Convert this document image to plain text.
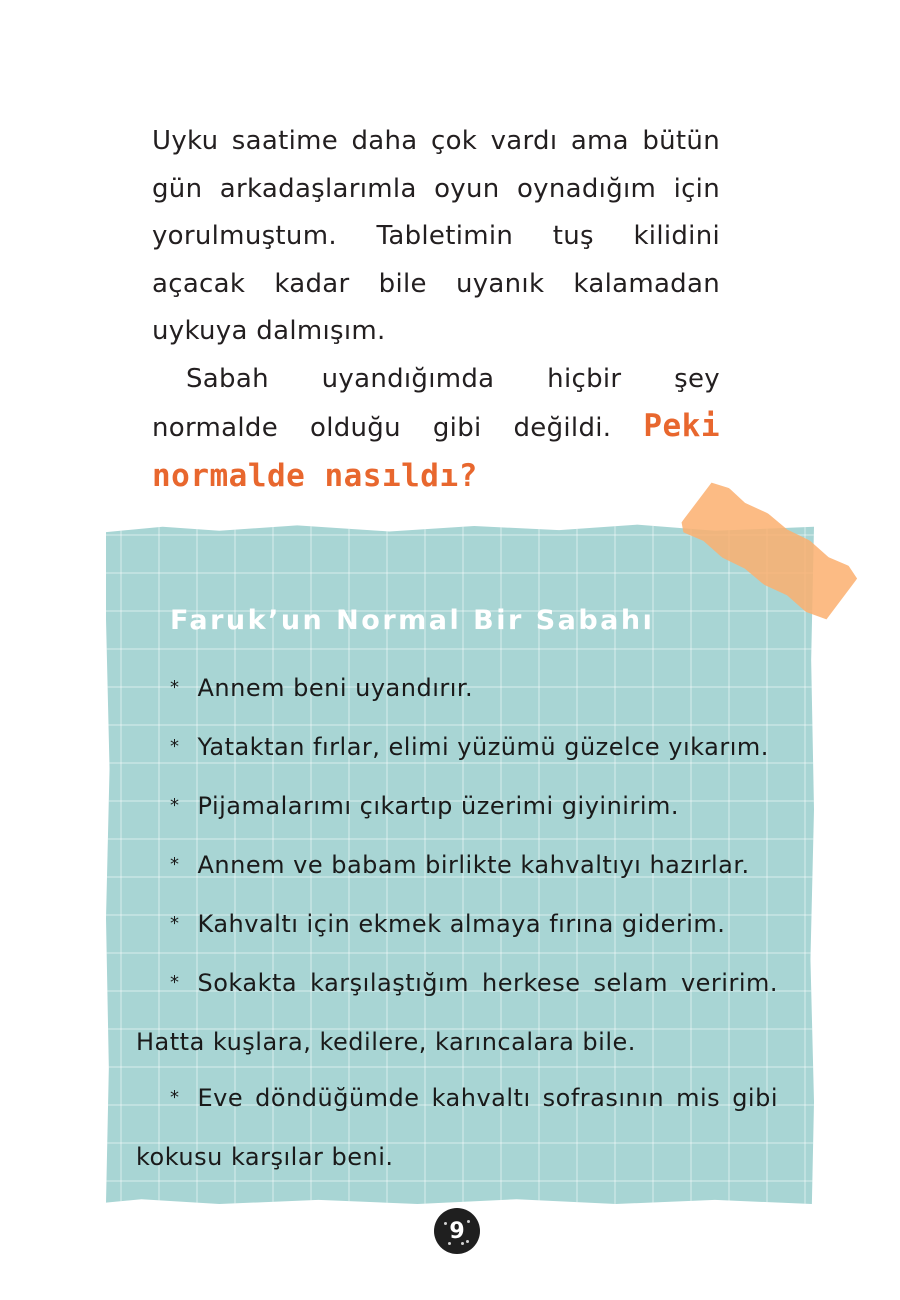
Uyku saatime daha çok vardı ama bütün gün arkadaşlarımla oyun oynadığım için yorulmuştum. Tabletimin tuş kilidini açacak kadar bile uyanık kalamadan uykuya dalmışım.

Sabah uyandığımda hiçbir şey normalde olduğu gibi değildi. Peki normalde nasıldı?

Faruk’un Normal Bir Sabahı

* Annem beni uyandırır.

* Yataktan fırlar, elimi yüzümü güzelce yıkarım.

* Pijamalarımı çıkartıp üzerimi giyinirim.

* Annem ve babam birlikte kahvaltıyı hazırlar.

* Kahvaltı için ekmek almaya fırına giderim.

* Sokakta karşılaştığım herkese selam veririm. Hatta kuşlara, kedilere, karıncalara bile.

* Eve döndüğümde kahvaltı sofrasının mis gibi kokusu karşılar beni.

9
